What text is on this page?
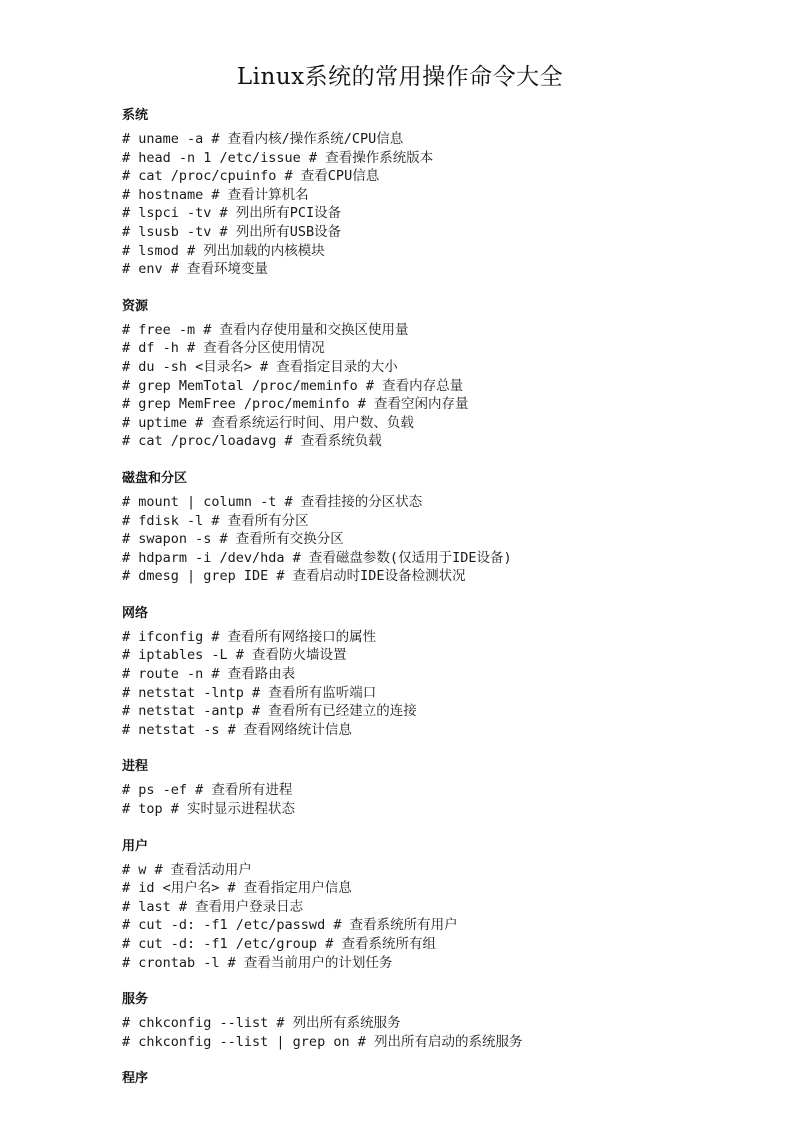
Linux系统的常用操作命令大全
系统
# uname -a # 查看内核/操作系统/CPU信息
# head -n 1 /etc/issue # 查看操作系统版本
# cat /proc/cpuinfo # 查看CPU信息
# hostname # 查看计算机名
# lspci -tv # 列出所有PCI设备
# lsusb -tv # 列出所有USB设备
# lsmod # 列出加载的内核模块
# env # 查看环境变量
资源
# free -m # 查看内存使用量和交换区使用量
# df -h # 查看各分区使用情况
# du -sh <目录名> # 查看指定目录的大小
# grep MemTotal /proc/meminfo # 查看内存总量
# grep MemFree /proc/meminfo # 查看空闲内存量
# uptime # 查看系统运行时间、用户数、负载
# cat /proc/loadavg # 查看系统负载
磁盘和分区
# mount | column -t # 查看挂接的分区状态
# fdisk -l # 查看所有分区
# swapon -s # 查看所有交换分区
# hdparm -i /dev/hda # 查看磁盘参数(仅适用于IDE设备)
# dmesg | grep IDE # 查看启动时IDE设备检测状况
网络
# ifconfig # 查看所有网络接口的属性
# iptables -L # 查看防火墙设置
# route -n # 查看路由表
# netstat -lntp # 查看所有监听端口
# netstat -antp # 查看所有已经建立的连接
# netstat -s # 查看网络统计信息
进程
# ps -ef # 查看所有进程
# top # 实时显示进程状态
用户
# w # 查看活动用户
# id <用户名> # 查看指定用户信息
# last # 查看用户登录日志
# cut -d: -f1 /etc/passwd # 查看系统所有用户
# cut -d: -f1 /etc/group # 查看系统所有组
# crontab -l # 查看当前用户的计划任务
服务
# chkconfig --list # 列出所有系统服务
# chkconfig --list | grep on # 列出所有启动的系统服务
程序
